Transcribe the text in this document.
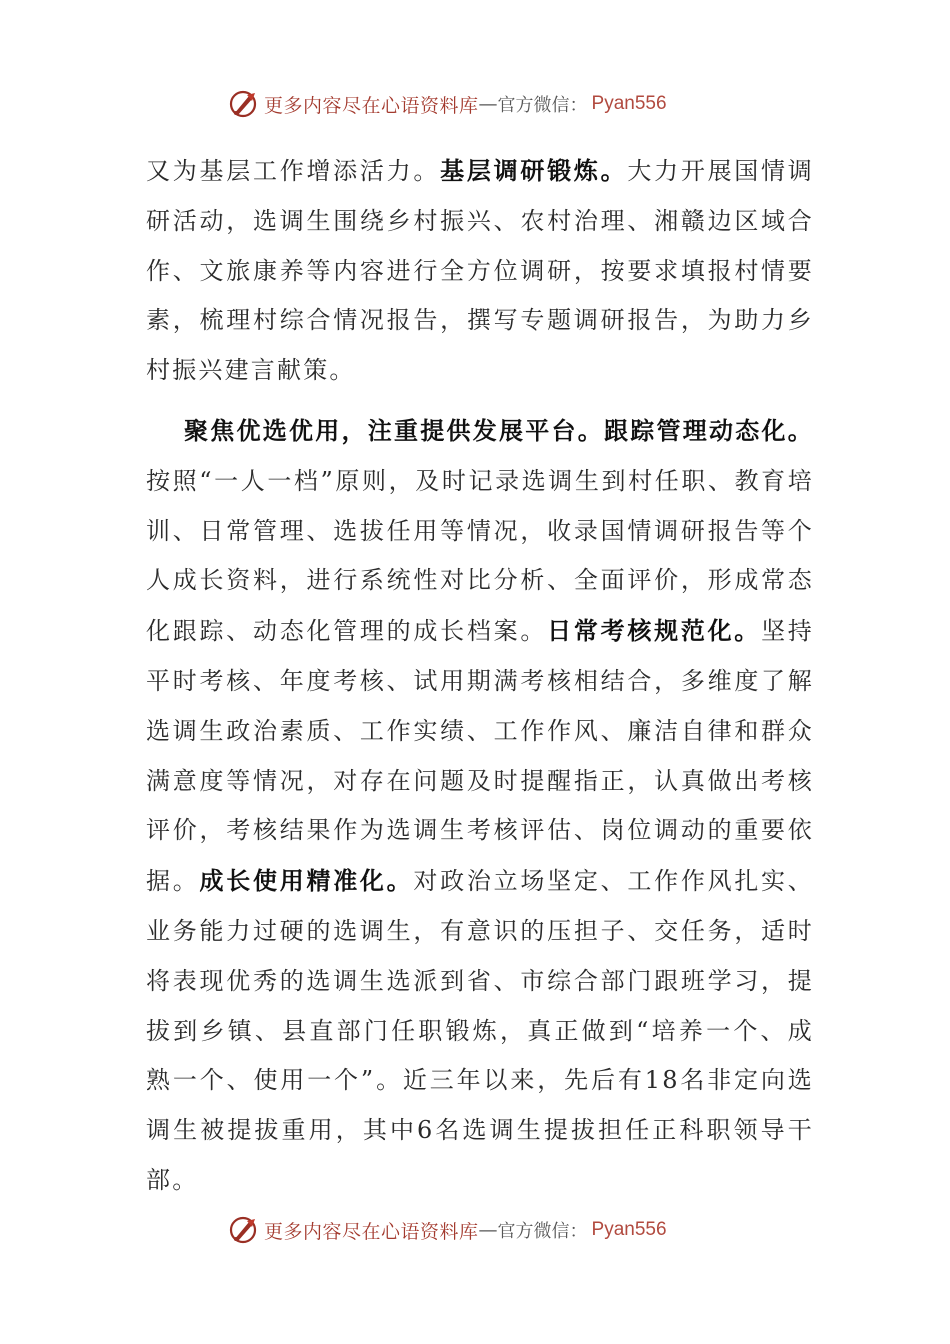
更多内容尽在心语资料库 — 官方微信： Pyan556

又为基层工作增添活力。基层调研锻炼。大力开展国情调研活动，选调生围绕乡村振兴、农村治理、湘赣边区域合作、文旅康养等内容进行全方位调研，按要求填报村情要素，梳理村综合情况报告，撰写专题调研报告，为助力乡村振兴建言献策。

聚焦优选优用，注重提供发展平台。跟踪管理动态化。按照“一人一档”原则，及时记录选调生到村任职、教育培训、日常管理、选拔任用等情况，收录国情调研报告等个人成长资料，进行系统性对比分析、全面评价，形成常态化跟踪、动态化管理的成长档案。日常考核规范化。坚持平时考核、年度考核、试用期满考核相结合，多维度了解选调生政治素质、工作实绩、工作作风、廉洁自律和群众满意度等情况，对存在问题及时提醒指正，认真做出考核评价，考核结果作为选调生考核评估、岗位调动的重要依据。成长使用精准化。对政治立场坚定、工作作风扎实、业务能力过硬的选调生，有意识的压担子、交任务，适时将表现优秀的选调生选派到省、市综合部门跟班学习，提拔到乡镇、县直部门任职锻炼，真正做到“培养一个、成熟一个、使用一个”。近三年以来，先后有18名非定向选调生被提拔重用，其中6名选调生提拔担任正科职领导干部。

更多内容尽在心语资料库 — 官方微信： Pyan556
